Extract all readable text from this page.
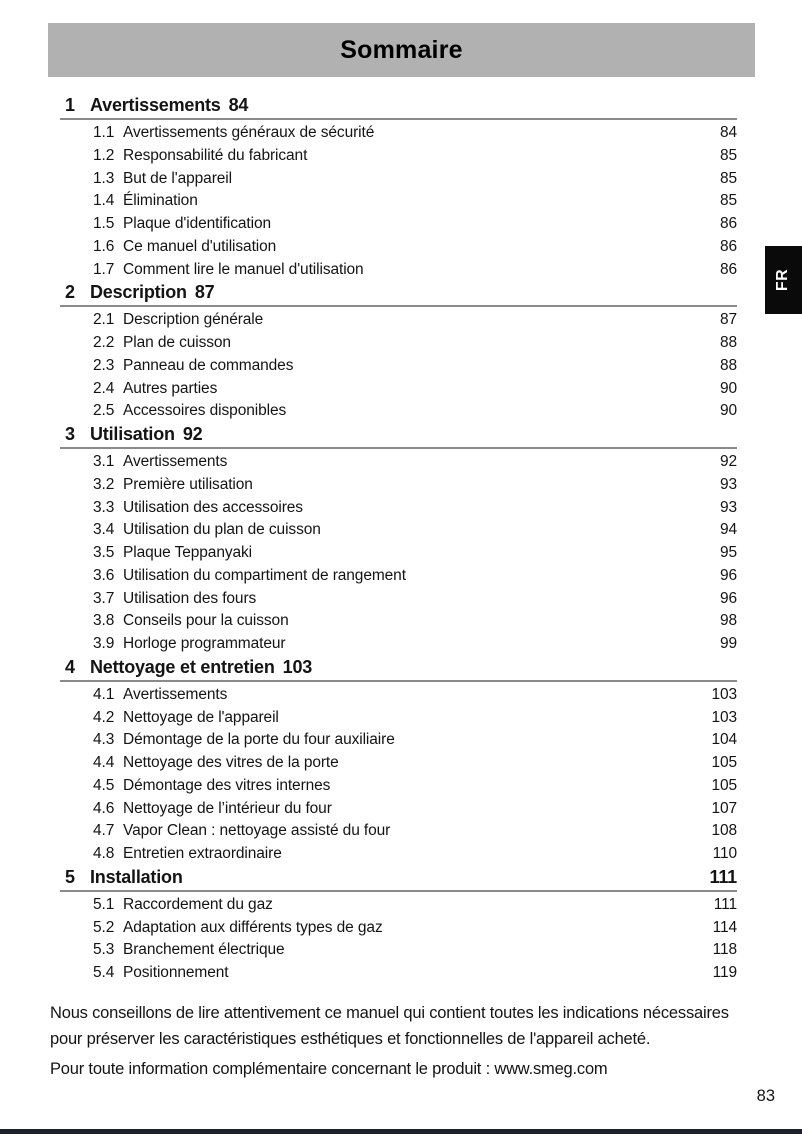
Sommaire
FR
1 Avertissements 84
1.1 Avertissements généraux de sécurité	84
1.2 Responsabilité du fabricant	85
1.3 But de l'appareil	85
1.4 Élimination	85
1.5 Plaque d'identification	86
1.6 Ce manuel d'utilisation	86
1.7 Comment lire le manuel d'utilisation	86
2 Description 87
2.1 Description générale	87
2.2 Plan de cuisson	88
2.3 Panneau de commandes	88
2.4 Autres parties	90
2.5 Accessoires disponibles	90
3 Utilisation 92
3.1 Avertissements	92
3.2 Première utilisation	93
3.3 Utilisation des accessoires	93
3.4 Utilisation du plan de cuisson	94
3.5 Plaque Teppanyaki	95
3.6 Utilisation du compartiment de rangement	96
3.7 Utilisation des fours	96
3.8 Conseils pour la cuisson	98
3.9 Horloge programmateur	99
4 Nettoyage et entretien 103
4.1 Avertissements	103
4.2 Nettoyage de l'appareil	103
4.3 Démontage de la porte du four auxiliaire	104
4.4 Nettoyage des vitres de la porte	105
4.5 Démontage des vitres internes	105
4.6 Nettoyage de l’intérieur du four	107
4.7 Vapor Clean : nettoyage assisté du four	108
4.8 Entretien extraordinaire	110
5 Installation	111
5.1 Raccordement du gaz	111
5.2 Adaptation aux différents types de gaz	114
5.3 Branchement électrique	118
5.4 Positionnement	119

Nous conseillons de lire attentivement ce manuel qui contient toutes les indications nécessaires pour préserver les caractéristiques esthétiques et fonctionnelles de l'appareil acheté.

Pour toute information complémentaire concernant le produit : www.smeg.com

83
